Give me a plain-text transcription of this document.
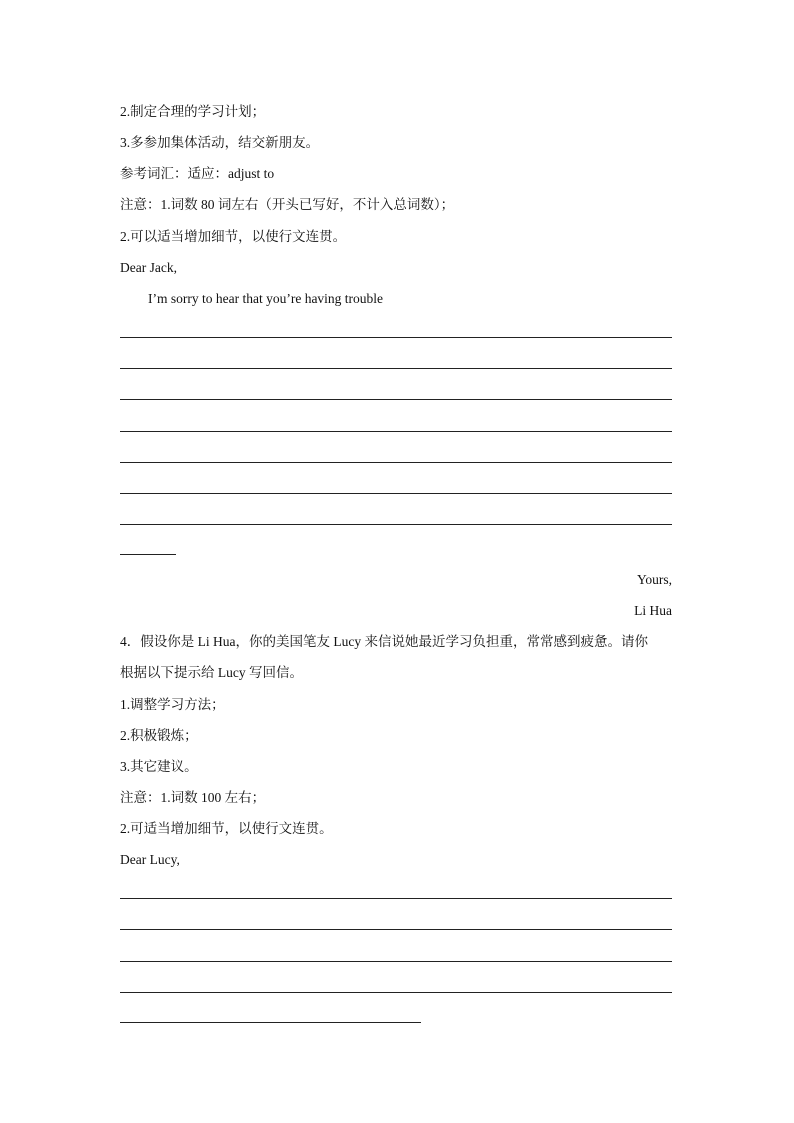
2.制定合理的学习计划；
3.多参加集体活动，结交新朋友。
参考词汇：适应：adjust to
注意：1.词数 80 词左右（开头已写好，不计入总词数）；
2.可以适当增加细节，以使行文连贯。
Dear Jack,
I’m sorry to hear that you’re having trouble
Yours,
Li Hua
4．假设你是 Li Hua，你的美国笔友 Lucy 来信说她最近学习负担重，常常感到疲惫。请你
根据以下提示给 Lucy 写回信。
1.调整学习方法；
2.积极锻炼；
3.其它建议。
注意：1.词数 100 左右；
2.可适当增加细节，以使行文连贯。
Dear Lucy,
